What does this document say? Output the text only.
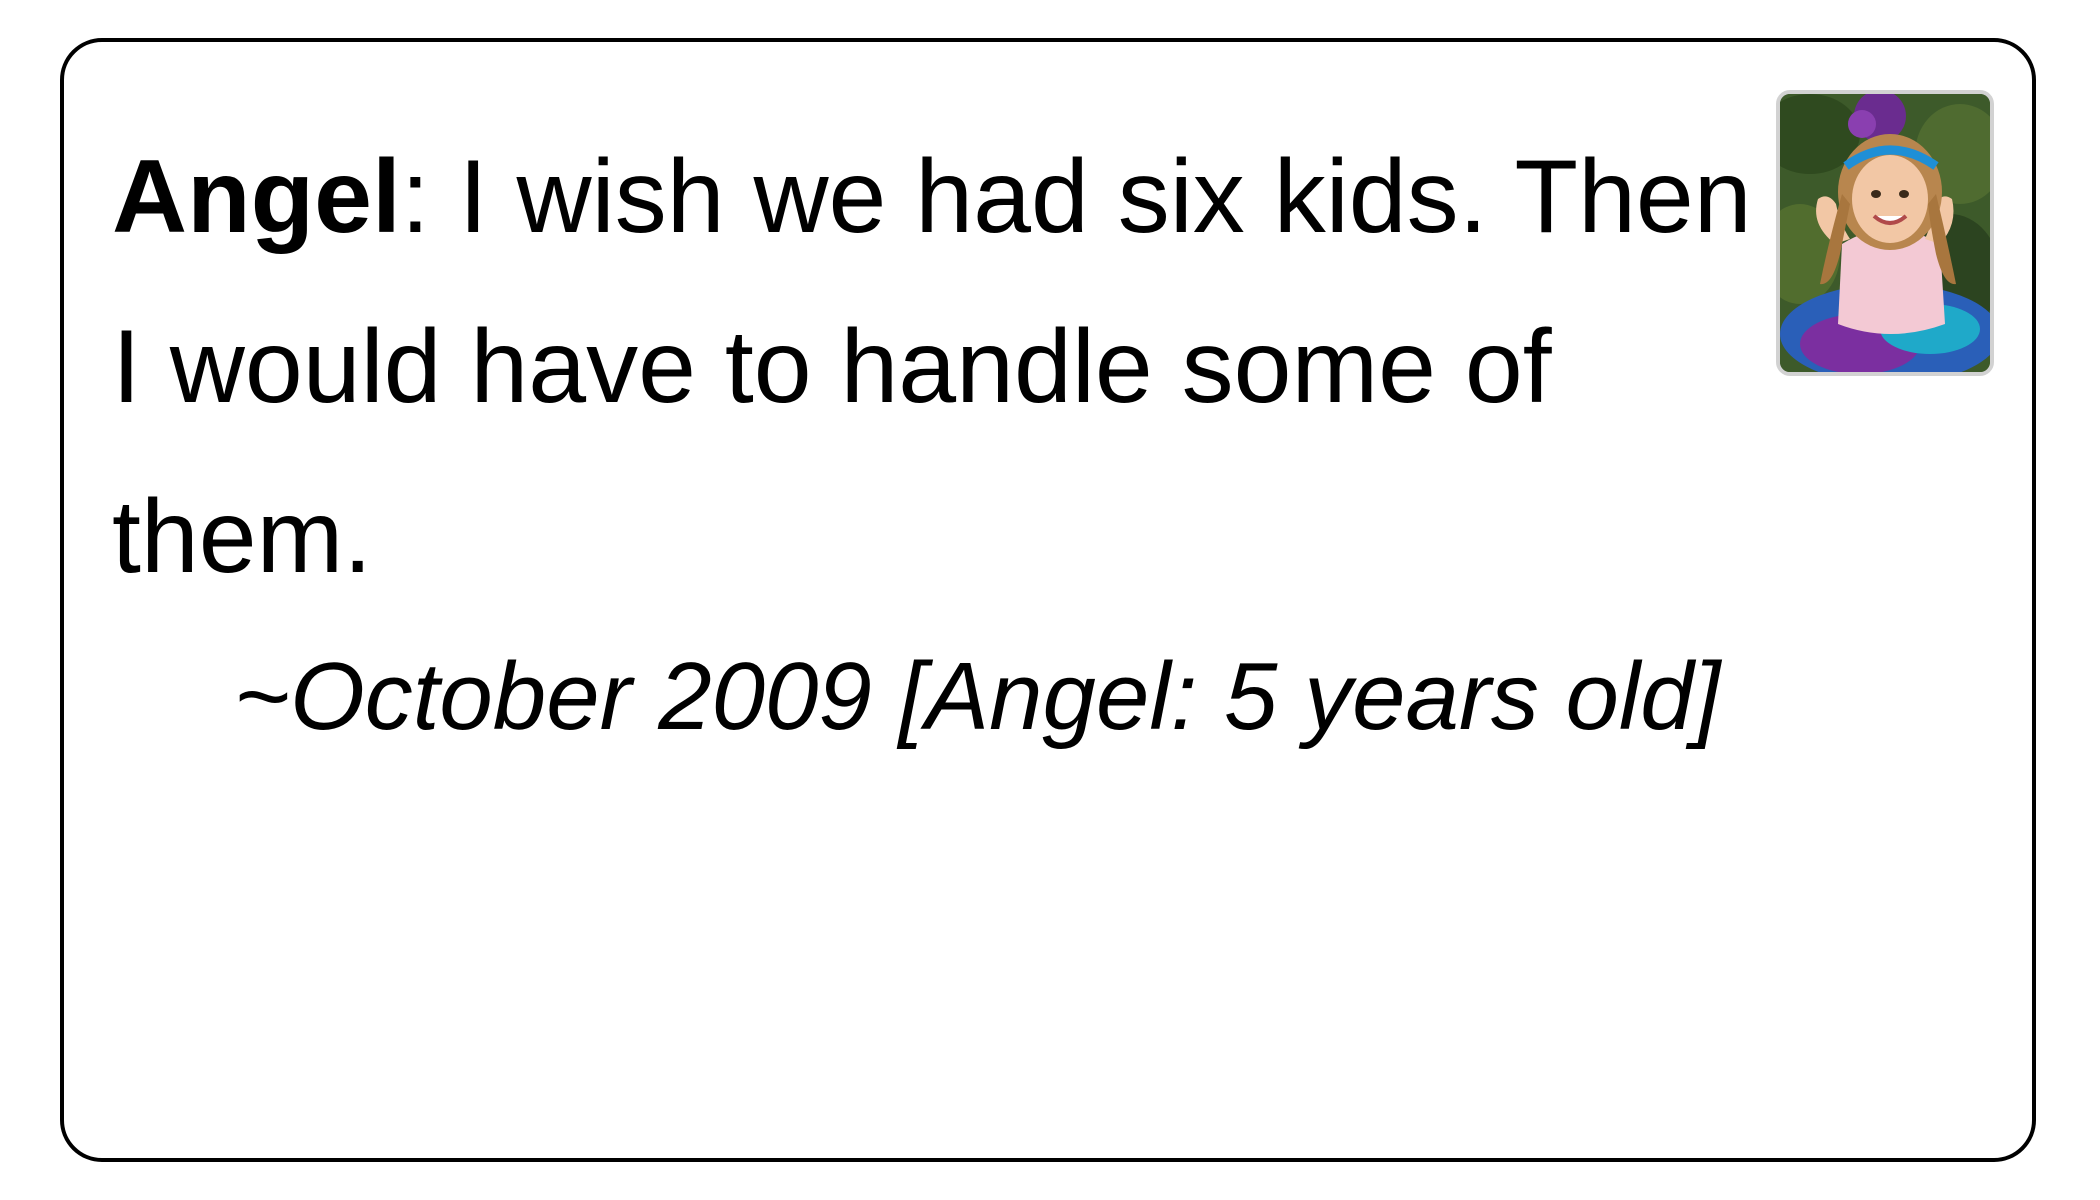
Angel: I wish we had six kids. Then I would have to handle some of them.

~October 2009 [Angel: 5 years old]
